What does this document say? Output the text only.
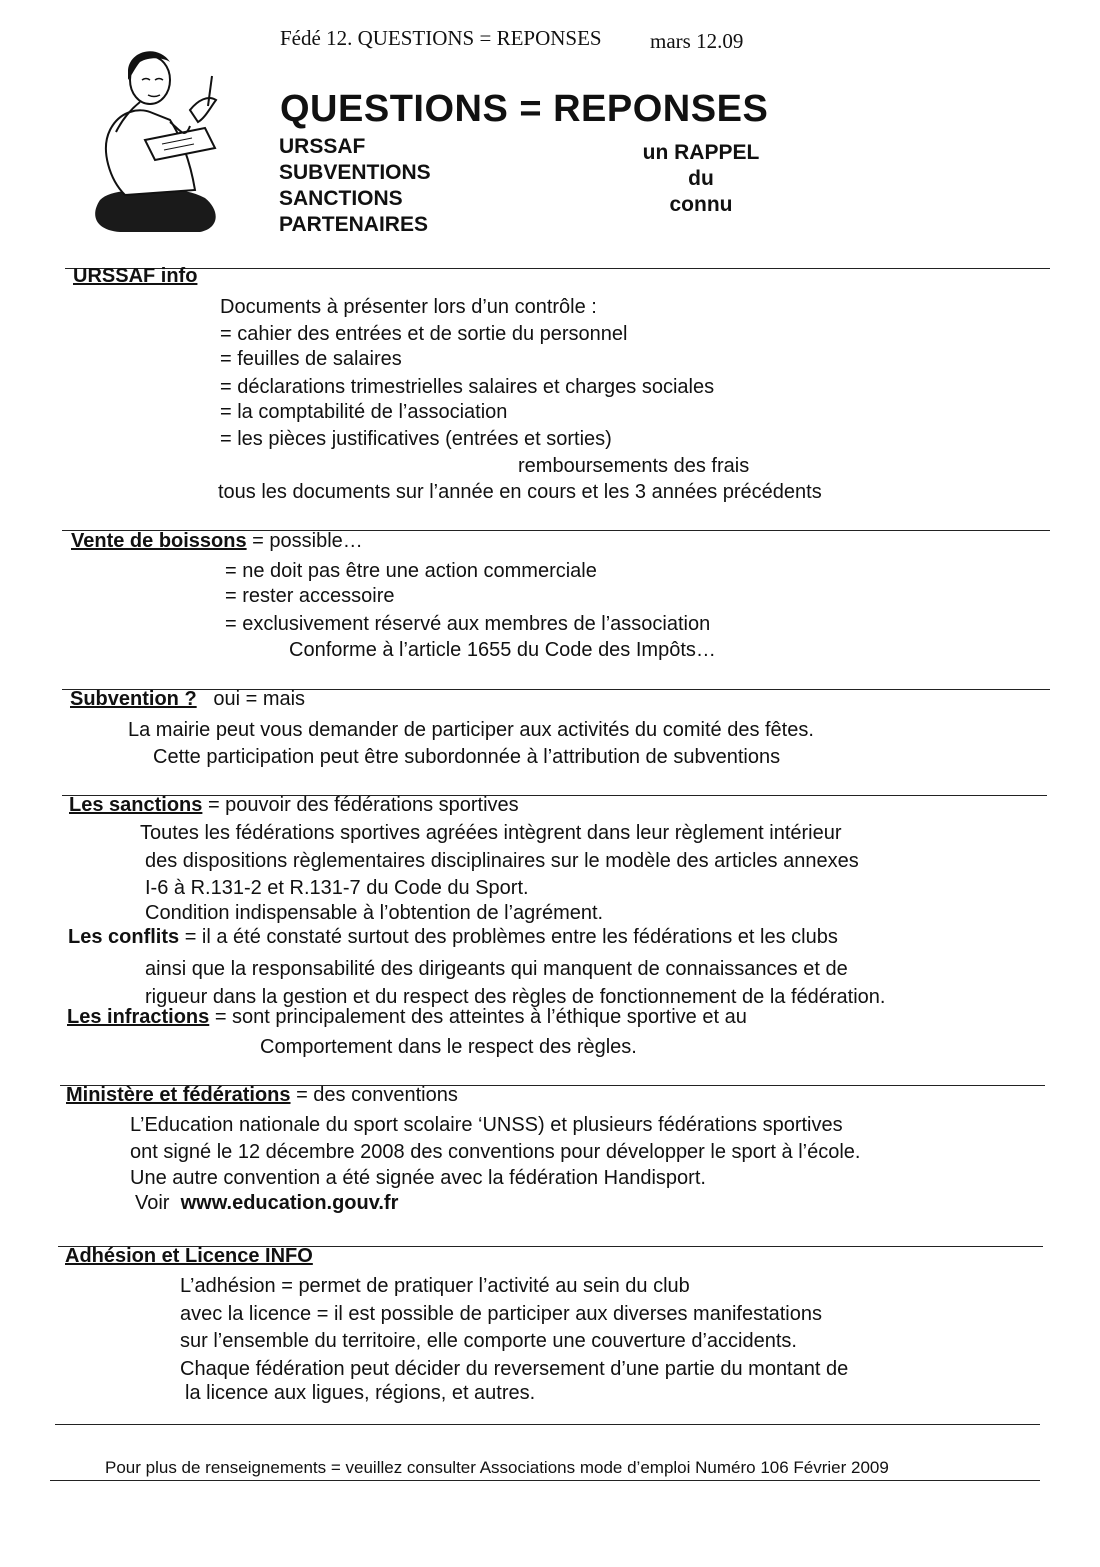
Fédé 12. QUESTIONS = REPONSES mars 12.09
QUESTIONS = REPONSES
URSSAF
SUBVENTIONS
SANCTIONS
PARTENAIRES
un RAPPEL
du
connu
URSSAF info
Documents à présenter lors d’un contrôle :
= cahier des entrées et de sortie du personnel
= feuilles de salaires
= déclarations trimestrielles salaires et charges sociales
= la comptabilité de l’association
= les pièces justificatives (entrées et sorties)
remboursements des frais
tous les documents sur l’année en cours et les 3 années précédents
Vente de boissons = possible…
= ne doit pas être une action commerciale
= rester accessoire
= exclusivement réservé aux membres de l’association
Conforme à l’article 1655 du Code des Impôts…
Subvention ? oui = mais
La mairie peut vous demander de participer aux activités du comité des fêtes.
Cette participation peut être subordonnée à l’attribution de subventions
Les sanctions = pouvoir des fédérations sportives
Toutes les fédérations sportives agréées intègrent dans leur règlement intérieur
des dispositions règlementaires disciplinaires sur le modèle des articles annexes
I-6 à R.131-2 et R.131-7 du Code du Sport.
Condition indispensable à l’obtention de l’agrément.
Les conflits = il a été constaté surtout des problèmes entre les fédérations et les clubs
ainsi que la responsabilité des dirigeants qui manquent de connaissances et de
rigueur dans la gestion et du respect des règles de fonctionnement de la fédération.
Les infractions = sont principalement des atteintes à l’éthique sportive et au
Comportement dans le respect des règles.
Ministère et fédérations = des conventions
L’Education nationale du sport scolaire ‘UNSS) et plusieurs fédérations sportives
ont signé le 12 décembre 2008 des conventions pour développer le sport à l’école.
Une autre convention a été signée avec la fédération Handisport.
Voir www.education.gouv.fr
Adhésion et Licence INFO
L’adhésion = permet de pratiquer l’activité au sein du club
avec la licence = il est possible de participer aux diverses manifestations
sur l’ensemble du territoire, elle comporte une couverture d’accidents.
Chaque fédération peut décider du reversement d’une partie du montant de
la licence aux ligues, régions, et autres.
Pour plus de renseignements = veuillez consulter Associations mode d’emploi Numéro 106 Février 2009
